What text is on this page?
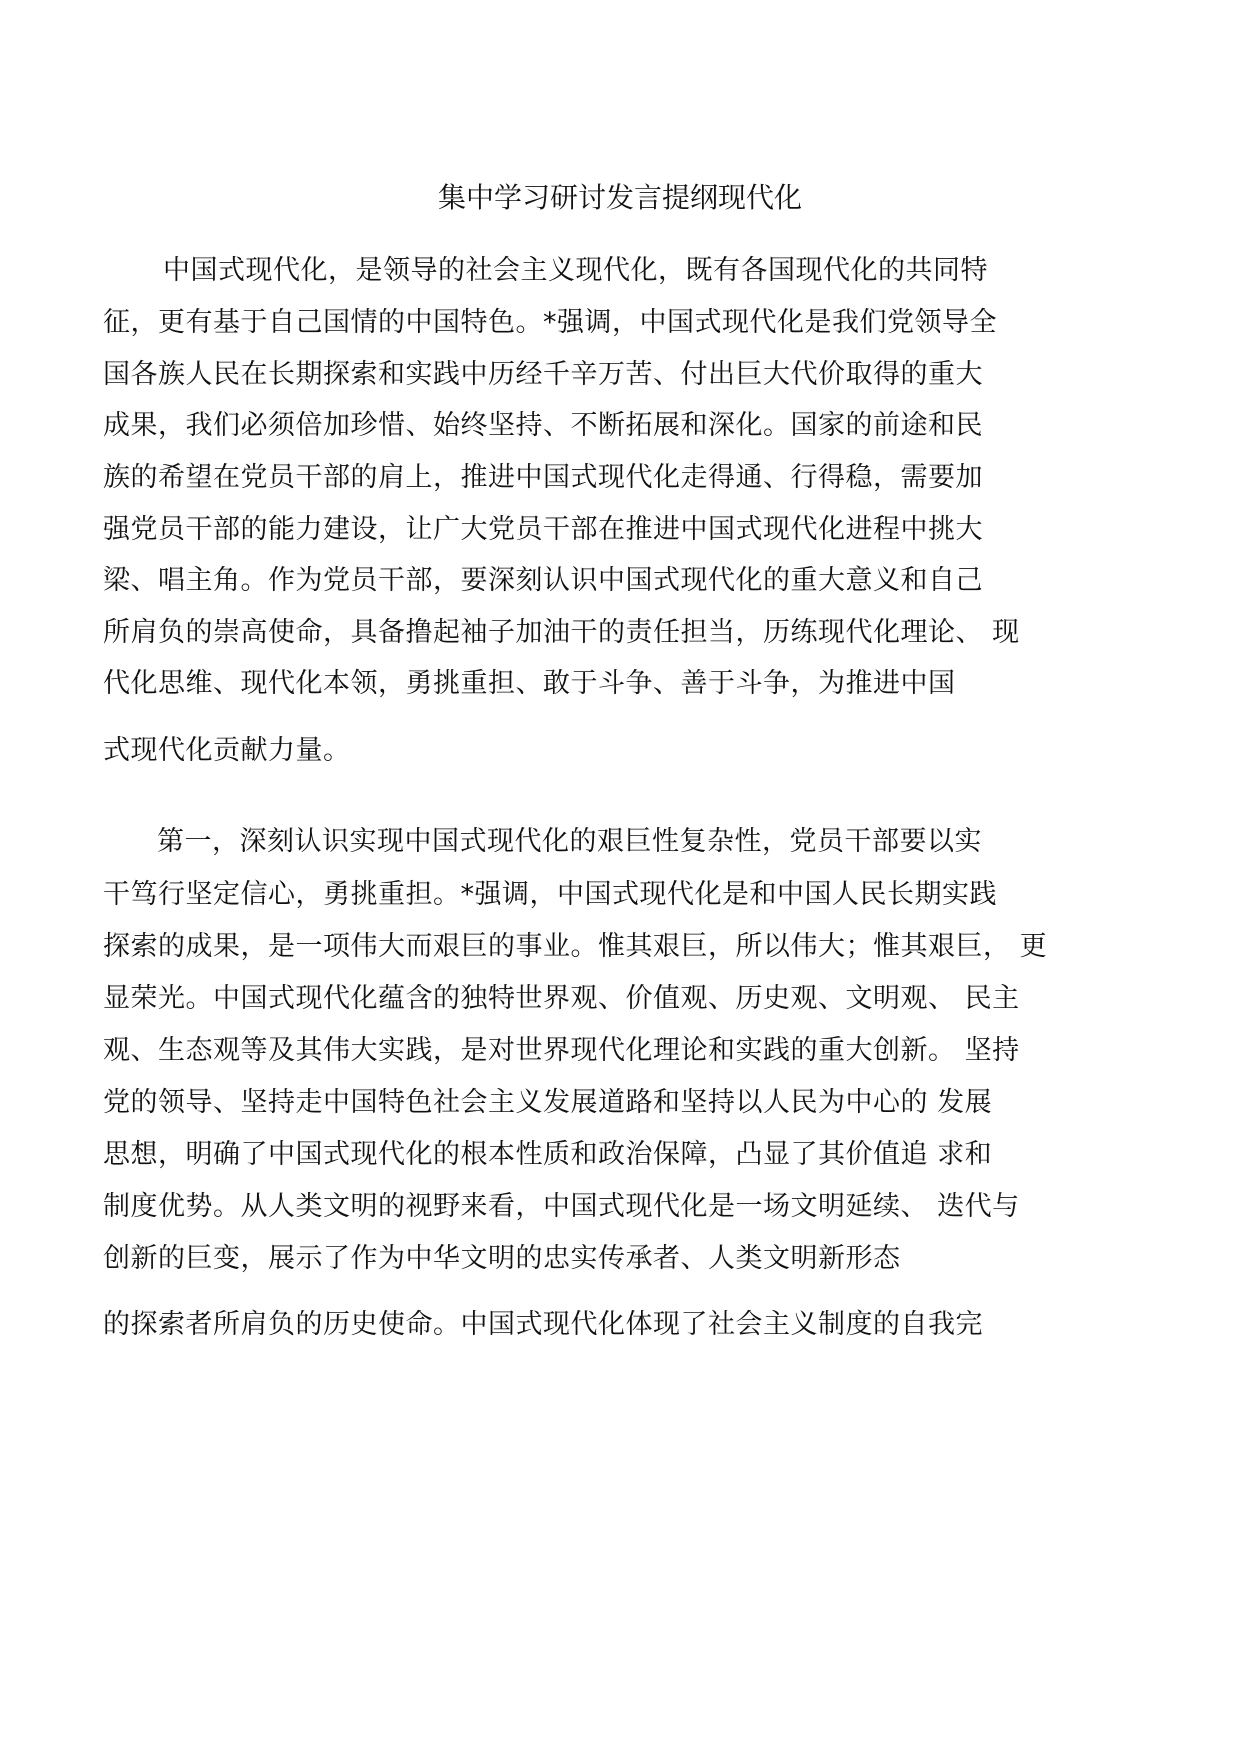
集中学习研讨发言提纲现代化
中国式现代化，是领导的社会主义现代化，既有各国现代化的共同特
征，更有基于自己国情的中国特色。*强调，中国式现代化是我们党领导全
国各族人民在长期探索和实践中历经千辛万苦、付出巨大代价取得的重大
成果，我们必须倍加珍惜、始终坚持、不断拓展和深化。国家的前途和民
族的希望在党员干部的肩上，推进中国式现代化走得通、行得稳，需要加
强党员干部的能力建设，让广大党员干部在推进中国式现代化进程中挑大
梁、唱主角。作为党员干部，要深刻认识中国式现代化的重大意义和自己
所肩负的崇高使命，具备撸起袖子加油干的责任担当，历练现代化理论、 现
代化思维、现代化本领，勇挑重担、敢于斗争、善于斗争，为推进中国
式现代化贡献力量。
第一，深刻认识实现中国式现代化的艰巨性复杂性，党员干部要以实
干笃行坚定信心，勇挑重担。*强调，中国式现代化是和中国人民长期实践
探索的成果，是一项伟大而艰巨的事业。惟其艰巨，所以伟大；惟其艰巨， 更
显荣光。中国式现代化蕴含的独特世界观、价值观、历史观、文明观、 民主
观、生态观等及其伟大实践，是对世界现代化理论和实践的重大创新。 坚持
党的领导、坚持走中国特色社会主义发展道路和坚持以人民为中心的 发展
思想，明确了中国式现代化的根本性质和政治保障，凸显了其价值追 求和
制度优势。从人类文明的视野来看，中国式现代化是一场文明延续、 迭代与
创新的巨变，展示了作为中华文明的忠实传承者、人类文明新形态
的探索者所肩负的历史使命。中国式现代化体现了社会主义制度的自我完
